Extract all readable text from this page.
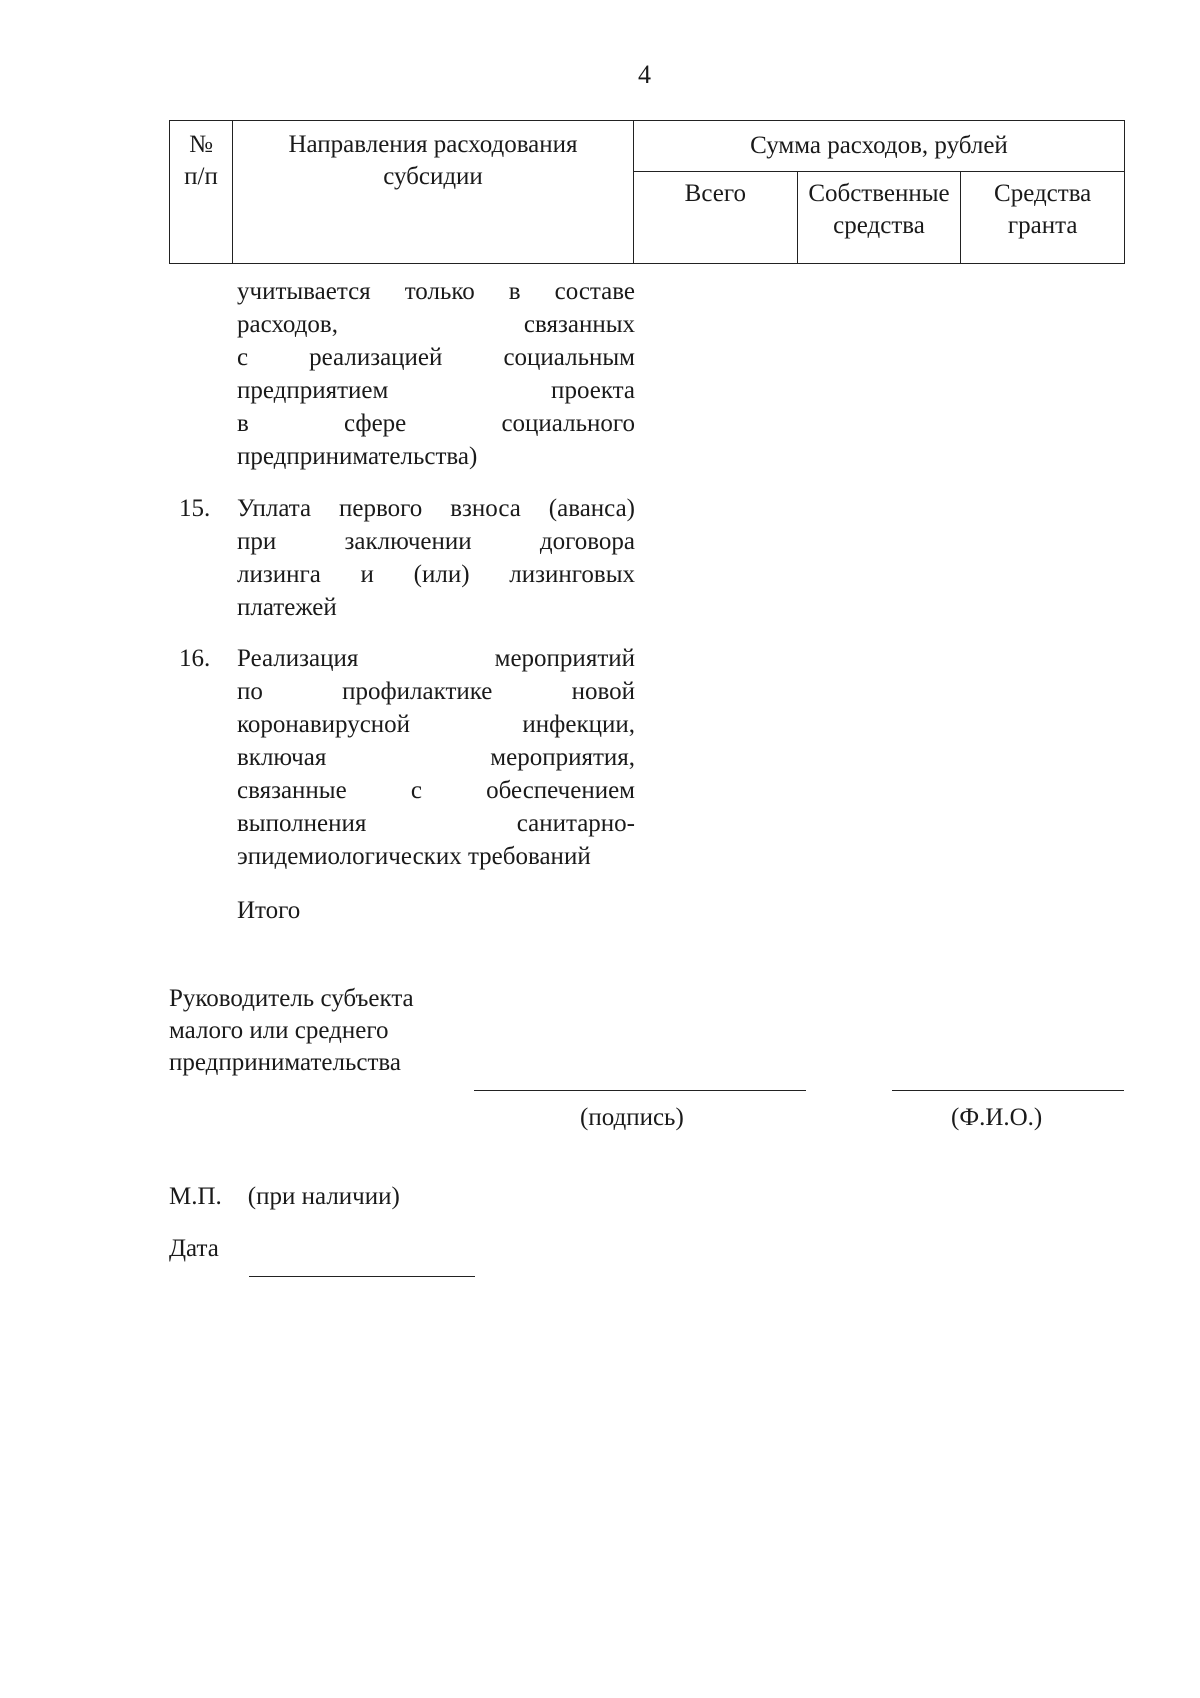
4
№
п/п	Направления расходования субсидии	Сумма расходов, рублей		
		Всего	Собственные средства	Средства гранта
учитывается только в составе
расходов, связанных
с реализацией социальным
предприятием проекта
в сфере социального
предпринимательства)
15.	Уплата первого взноса (аванса)
при заключении договора
лизинга и (или) лизинговых
платежей
16.	Реализация мероприятий
по профилактике новой
коронавирусной инфекции,
включая мероприятия,
связанные с обеспечением
выполнения санитарно-
эпидемиологических требований
Итого
Руководитель субъекта
малого или среднего
предпринимательства
(подпись)	(Ф.И.О.)
М.П. (при наличии)
Дата
